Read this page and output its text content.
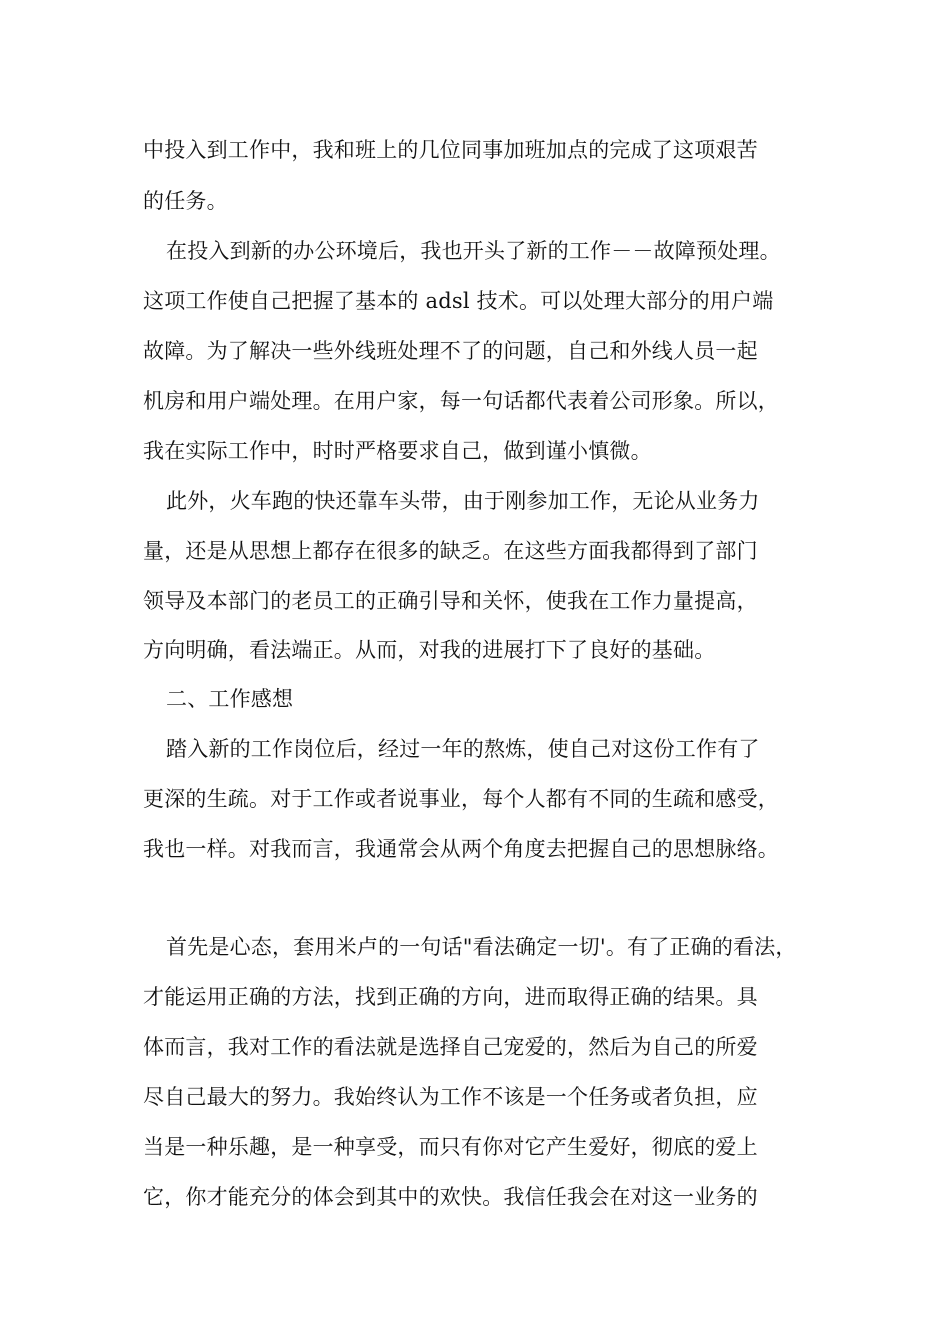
中投入到工作中，我和班上的几位同事加班加点的完成了这项艰苦
的任务。
在投入到新的办公环境后，我也开头了新的工作－－故障预处理。
这项工作使自己把握了基本的 adsl 技术。可以处理大部分的用户端
故障。为了解决一些外线班处理不了的问题，自己和外线人员一起
机房和用户端处理。在用户家，每一句话都代表着公司形象。所以，
我在实际工作中，时时严格要求自己，做到谨小慎微。
此外，火车跑的快还靠车头带，由于刚参加工作，无论从业务力
量，还是从思想上都存在很多的缺乏。在这些方面我都得到了部门
领导及本部门的老员工的正确引导和关怀，使我在工作力量提高，
方向明确，看法端正。从而，对我的进展打下了良好的基础。
二、工作感想
踏入新的工作岗位后，经过一年的熬炼，使自己对这份工作有了
更深的生疏。对于工作或者说事业，每个人都有不同的生疏和感受，
我也一样。对我而言，我通常会从两个角度去把握自己的思想脉络。
首先是心态，套用米卢的一句话"看法确定一切'。有了正确的看法，
才能运用正确的方法，找到正确的方向，进而取得正确的结果。具
体而言，我对工作的看法就是选择自己宠爱的，然后为自己的所爱
尽自己最大的努力。我始终认为工作不该是一个任务或者负担，应
当是一种乐趣，是一种享受，而只有你对它产生爱好，彻底的爱上
它，你才能充分的体会到其中的欢快。我信任我会在对这一业务的
